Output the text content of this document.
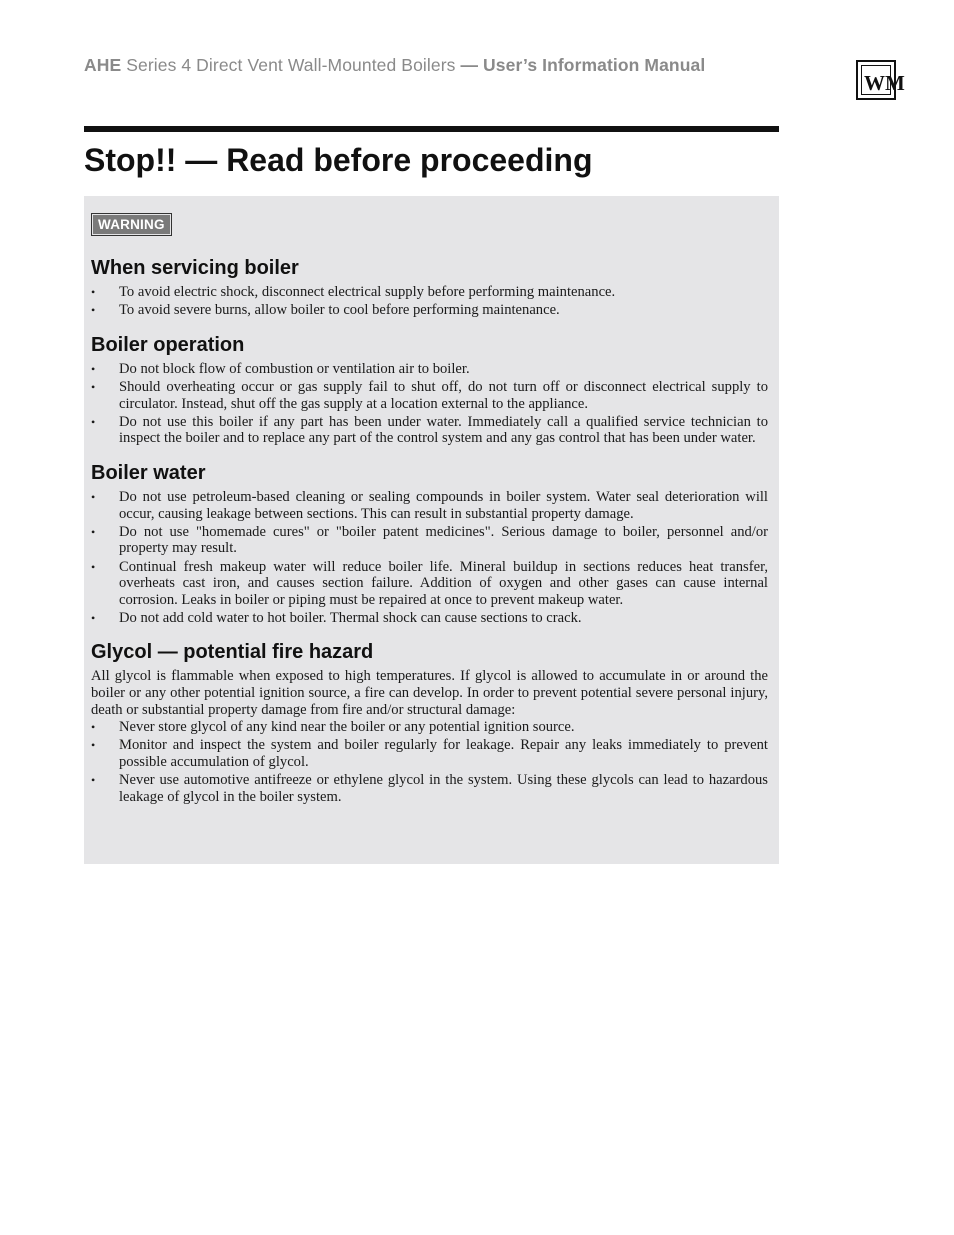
AHE Series 4 Direct Vent Wall-Mounted Boilers — User’s Information Manual
WM
Stop!! — Read before proceeding
WARNING
When servicing boiler
• To avoid electric shock, disconnect electrical supply before performing maintenance.
• To avoid severe burns, allow boiler to cool before performing maintenance.
Boiler operation
• Do not block flow of combustion or ventilation air to boiler.
• Should overheating occur or gas supply fail to shut off, do not turn off or disconnect electrical supply to circulator. Instead, shut off the gas supply at a location external to the appliance.
• Do not use this boiler if any part has been under water. Immediately call a qualified service technician to inspect the boiler and to replace any part of the control system and any gas control that has been under water.
Boiler water
• Do not use petroleum-based cleaning or sealing compounds in boiler system. Water seal deterioration will occur, causing leakage between sections. This can result in substantial property damage.
• Do not use "homemade cures" or "boiler patent medicines". Serious damage to boiler, personnel and/or property may result.
• Continual fresh makeup water will reduce boiler life. Mineral buildup in sections reduces heat transfer, overheats cast iron, and causes section failure. Addition of oxygen and other gases can cause internal corrosion. Leaks in boiler or piping must be repaired at once to prevent makeup water.
• Do not add cold water to hot boiler. Thermal shock can cause sections to crack.
Glycol — potential fire hazard

All glycol is flammable when exposed to high temperatures. If glycol is allowed to accumulate in or around the boiler or any other potential ignition source, a fire can develop. In order to prevent potential severe personal injury, death or substantial property damage from fire and/or structural damage:

• Never store glycol of any kind near the boiler or any potential ignition source.
• Monitor and inspect the system and boiler regularly for leakage. Repair any leaks immediately to prevent possible accumulation of glycol.
• Never use automotive antifreeze or ethylene glycol in the system. Using these glycols can lead to hazardous leakage of glycol in the boiler system.
